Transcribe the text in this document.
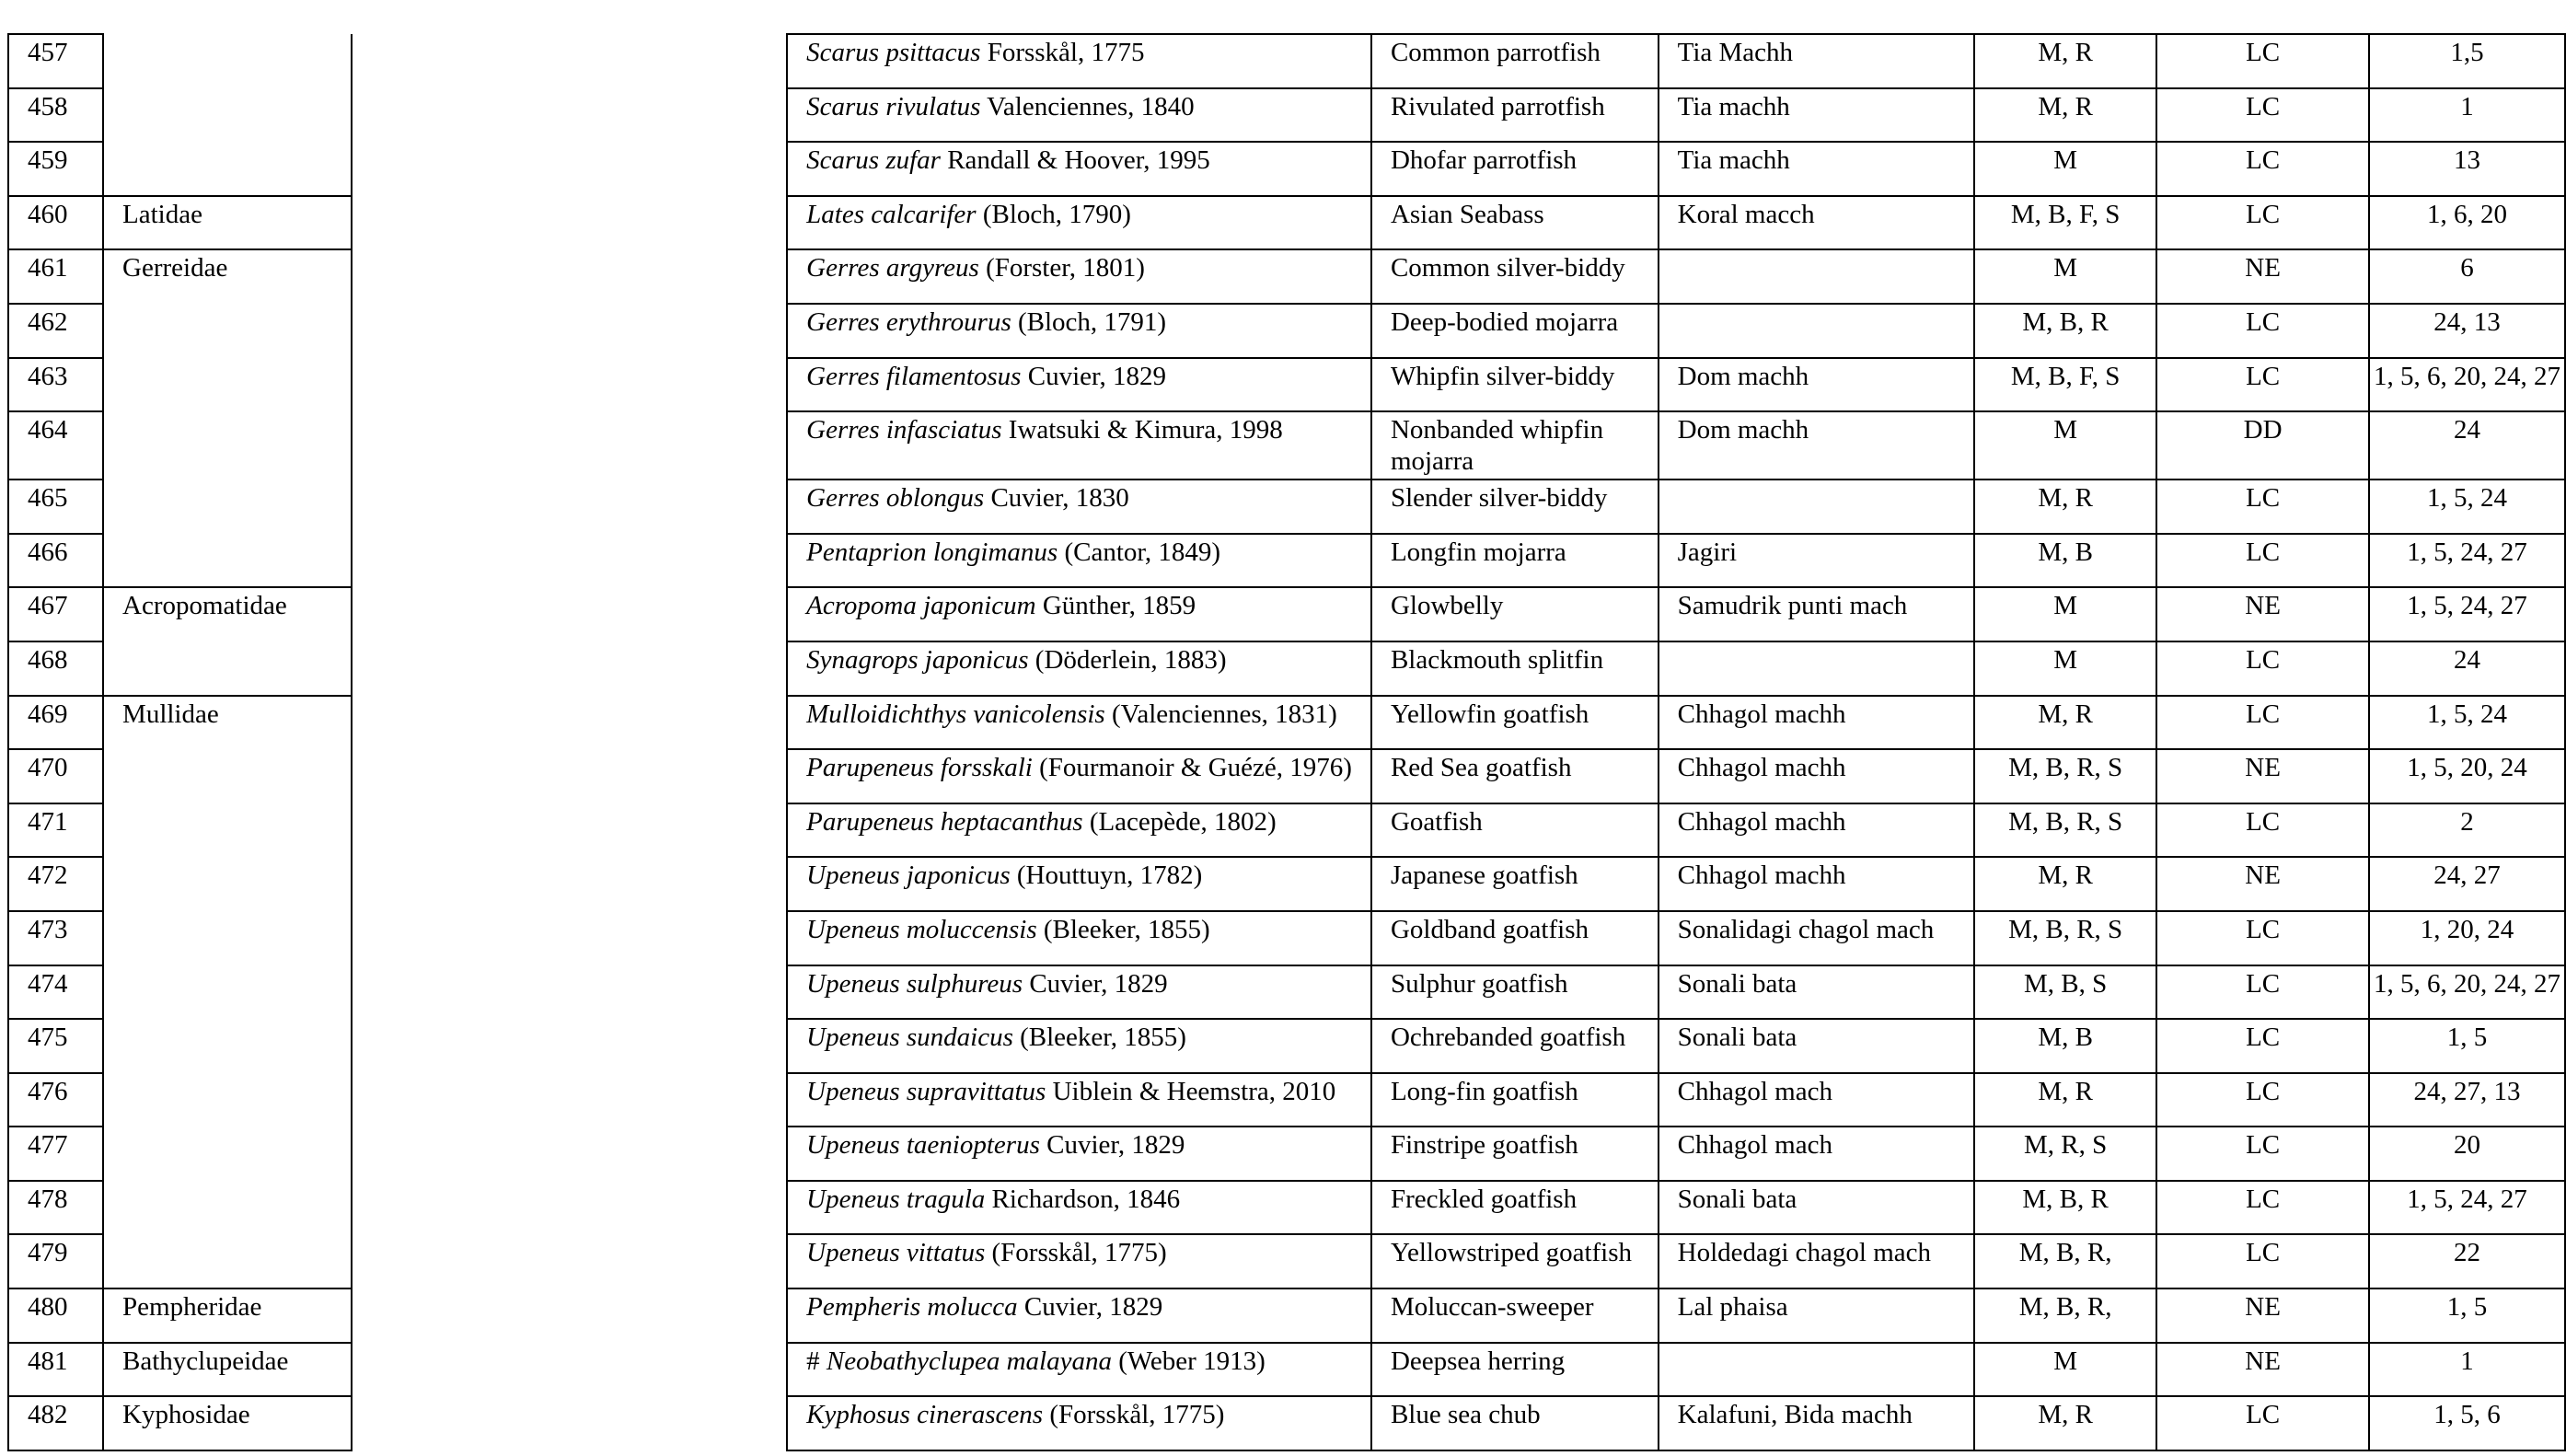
457			Scarus psittacus Forsskål, 1775	Common parrotfish	Tia Machh	M, R	LC	1,5
458			Scarus rivulatus Valenciennes, 1840	Rivulated parrotfish	Tia machh	M, R	LC	1
459			Scarus zufar Randall & Hoover, 1995	Dhofar parrotfish	Tia machh	M	LC	13
460	Latidae		Lates calcarifer (Bloch, 1790)	Asian Seabass	Koral macch	M, B, F, S	LC	1, 6, 20
461	Gerreidae		Gerres argyreus (Forster, 1801)	Common silver-biddy		M	NE	6
462			Gerres erythrourus (Bloch, 1791)	Deep-bodied mojarra		M, B, R	LC	24, 13
463			Gerres filamentosus Cuvier, 1829	Whipfin silver-biddy	Dom machh	M, B, F, S	LC	1, 5, 6, 20, 24, 27
464			Gerres infasciatus Iwatsuki & Kimura, 1998	Nonbanded whipfin mojarra	Dom machh	M	DD	24
465			Gerres oblongus Cuvier, 1830	Slender silver-biddy		M, R	LC	1, 5, 24
466			Pentaprion longimanus (Cantor, 1849)	Longfin mojarra	Jagiri	M, B	LC	1, 5, 24, 27
467	Acropomatidae		Acropoma japonicum Günther, 1859	Glowbelly	Samudrik punti mach	M	NE	1, 5, 24, 27
468			Synagrops japonicus (Döderlein, 1883)	Blackmouth splitfin		M	LC	24
469	Mullidae		Mulloidichthys vanicolensis (Valenciennes, 1831)	Yellowfin goatfish	Chhagol machh	M, R	LC	1, 5, 24
470			Parupeneus forsskali (Fourmanoir & Guézé, 1976)	Red Sea goatfish	Chhagol machh	M, B, R, S	NE	1, 5, 20, 24
471			Parupeneus heptacanthus (Lacepède, 1802)	Goatfish	Chhagol machh	M, B, R, S	LC	2
472			Upeneus japonicus (Houttuyn, 1782)	Japanese goatfish	Chhagol machh	M, R	NE	24, 27
473			Upeneus moluccensis (Bleeker, 1855)	Goldband goatfish	Sonalidagi chagol mach	M, B, R, S	LC	1, 20, 24
474			Upeneus sulphureus Cuvier, 1829	Sulphur goatfish	Sonali bata	M, B, S	LC	1, 5, 6, 20, 24, 27
475			Upeneus sundaicus (Bleeker, 1855)	Ochrebanded goatfish	Sonali bata	M, B	LC	1, 5
476			Upeneus supravittatus Uiblein & Heemstra, 2010	Long-fin goatfish	Chhagol mach	M, R	LC	24, 27, 13
477			Upeneus taeniopterus Cuvier, 1829	Finstripe goatfish	Chhagol mach	M, R, S	LC	20
478			Upeneus tragula Richardson, 1846	Freckled goatfish	Sonali bata	M, B, R	LC	1, 5, 24, 27
479			Upeneus vittatus (Forsskål, 1775)	Yellowstriped goatfish	Holdedagi chagol mach	M, B, R,	LC	22
480	Pempheridae		Pempheris molucca Cuvier, 1829	Moluccan-sweeper	Lal phaisa	M, B, R,	NE	1, 5
481	Bathyclupeidae		# Neobathyclupea malayana (Weber 1913)	Deepsea herring		M	NE	1
482	Kyphosidae		Kyphosus cinerascens (Forsskål, 1775)	Blue sea chub	Kalafuni, Bida machh	M, R	LC	1, 5, 6
